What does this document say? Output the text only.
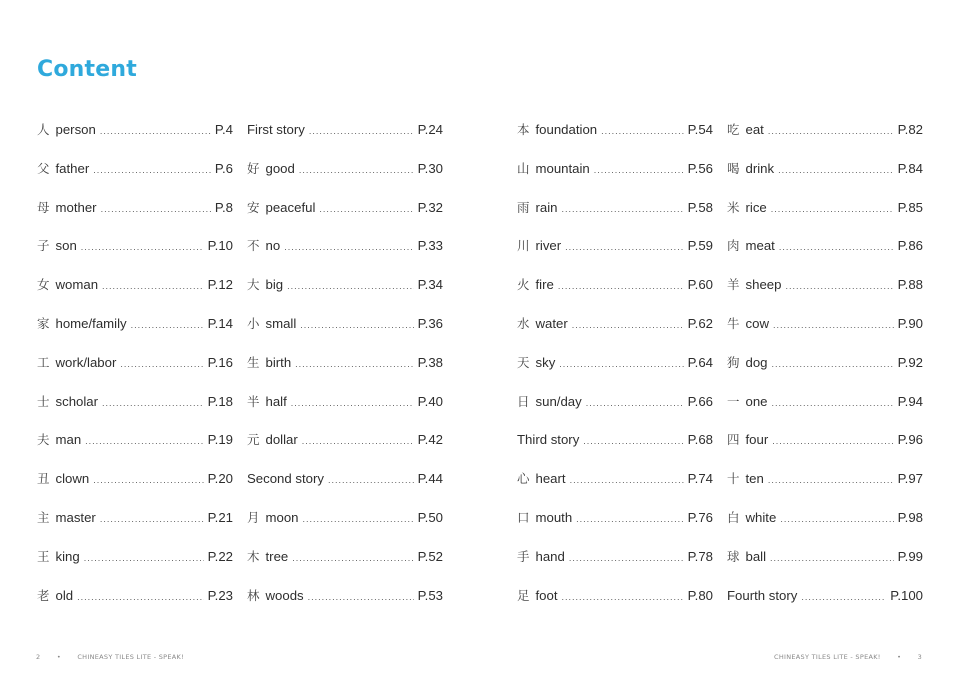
Content
人 person .....	P.4
父 father .....	P.6
母 mother .....	P.8
子 son .....	P.10
女 woman .....	P.12
家 home/family .....	P.14
工 work/labor .....	P.16
士 scholar .....	P.18
夫 man .....	P.19
丑 clown .....	P.20
主 master .....	P.21
王 king .....	P.22
老 old .....	P.23
First story .....	P.24
好 good .....	P.30
安 peaceful .....	P.32
不 no .....	P.33
大 big .....	P.34
小 small .....	P.36
生 birth .....	P.38
半 half .....	P.40
元 dollar .....	P.42
Second story .....	P.44
月 moon .....	P.50
木 tree .....	P.52
林 woods .....	P.53
本 foundation .....	P.54
山 mountain .....	P.56
雨 rain .....	P.58
川 river .....	P.59
火 fire .....	P.60
水 water .....	P.62
天 sky .....	P.64
日 sun/day .....	P.66
Third story .....	P.68
心 heart .....	P.74
口 mouth .....	P.76
手 hand .....	P.78
足 foot .....	P.80
吃 eat .....	P.82
喝 drink .....	P.84
米 rice .....	P.85
肉 meat .....	P.86
羊 sheep .....	P.88
牛 cow .....	P.90
狗 dog .....	P.92
一 one .....	P.94
四 four .....	P.96
十 ten .....	P.97
白 white .....	P.98
球 ball .....	P.99
Fourth story .....	P.100
2	•	CHINEASY TILES LITE - SPEAK!	CHINEASY TILES LITE - SPEAK!	•	3
